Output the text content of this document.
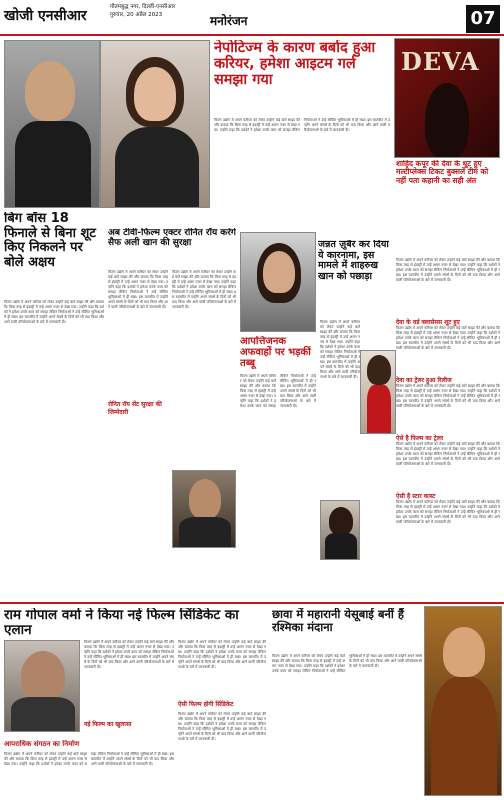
खोजी एनसीआर
गौतमबुद्ध नगर, दिल्ली-एनसीआर
गुरुवार, 20 अप्रैल 2023	मनोरंजन	07
नेपोटिज्म के कारण बर्बाद हुआ करियर, हमेशा आइटम गर्ल समझा गया
फिल्म उद्योग में अपने करियर को लेकर उन्होंने कई बातें साझा कीं और बताया कि किस तरह से इंडस्ट्री में उन्हें अलग नजर से देखा गया। उन्होंने कहा कि दर्शकों ने हमेशा उनके काम को सराहा लेकिन निर्माताओं ने उन्हें सीमित भूमिकाओं में ही रखा। इस बातचीत में उन्होंने अपने संघर्ष के दिनों को भी याद किया और आने वाली परियोजनाओं के बारे में जानकारी दी।
DEVA
शाहिद कपूर की देवा के धूट हुए मल्टीप्लेक्स टिकट बुक्सलें टीम को नहीं पता कहानी का सही अंत
फिल्म उद्योग में अपने करियर को लेकर उन्होंने कई बातें साझा कीं और बताया कि किस तरह से इंडस्ट्री में उन्हें अलग नजर से देखा गया। उन्होंने कहा कि दर्शकों ने हमेशा उनके काम को सराहा लेकिन निर्माताओं ने उन्हें सीमित भूमिकाओं में ही रखा। इस बातचीत में उन्होंने अपने संघर्ष के दिनों को भी याद किया और आने वाली परियोजनाओं के बारे में जानकारी दी।
देवा के वर्ड क्लासेमस शूट हुए
फिल्म उद्योग में अपने करियर को लेकर उन्होंने कई बातें साझा कीं और बताया कि किस तरह से इंडस्ट्री में उन्हें अलग नजर से देखा गया। उन्होंने कहा कि दर्शकों ने हमेशा उनके काम को सराहा लेकिन निर्माताओं ने उन्हें सीमित भूमिकाओं में ही रखा। इस बातचीत में उन्होंने अपने संघर्ष के दिनों को भी याद किया और आने वाली परियोजनाओं के बारे में जानकारी दी।
देवा का ट्रेलर हुआ रिलीज
फिल्म उद्योग में अपने करियर को लेकर उन्होंने कई बातें साझा कीं और बताया कि किस तरह से इंडस्ट्री में उन्हें अलग नजर से देखा गया। उन्होंने कहा कि दर्शकों ने हमेशा उनके काम को सराहा लेकिन निर्माताओं ने उन्हें सीमित भूमिकाओं में ही रखा। इस बातचीत में उन्होंने अपने संघर्ष के दिनों को भी याद किया और आने वाली परियोजनाओं के बारे में जानकारी दी।
ऐसे है फिल्म का ट्रेलर
फिल्म उद्योग में अपने करियर को लेकर उन्होंने कई बातें साझा कीं और बताया कि किस तरह से इंडस्ट्री में उन्हें अलग नजर से देखा गया। उन्होंने कहा कि दर्शकों ने हमेशा उनके काम को सराहा लेकिन निर्माताओं ने उन्हें सीमित भूमिकाओं में ही रखा। इस बातचीत में उन्होंने अपने संघर्ष के दिनों को भी याद किया और आने वाली परियोजनाओं के बारे में जानकारी दी।
ऐसी है स्टार कास्ट
फिल्म उद्योग में अपने करियर को लेकर उन्होंने कई बातें साझा कीं और बताया कि किस तरह से इंडस्ट्री में उन्हें अलग नजर से देखा गया। उन्होंने कहा कि दर्शकों ने हमेशा उनके काम को सराहा लेकिन निर्माताओं ने उन्हें सीमित भूमिकाओं में ही रखा। इस बातचीत में उन्होंने अपने संघर्ष के दिनों को भी याद किया और आने वाली परियोजनाओं के बारे में जानकारी दी।
बिग बॉस 18 फिनाले से बिना शूट किए निकलने पर बोले अक्षय
फिल्म उद्योग में अपने करियर को लेकर उन्होंने कई बातें साझा कीं और बताया कि किस तरह से इंडस्ट्री में उन्हें अलग नजर से देखा गया। उन्होंने कहा कि दर्शकों ने हमेशा उनके काम को सराहा लेकिन निर्माताओं ने उन्हें सीमित भूमिकाओं में ही रखा। इस बातचीत में उन्होंने अपने संघर्ष के दिनों को भी याद किया और आने वाली परियोजनाओं के बारे में जानकारी दी।
अब टीवी-फिल्म एक्टर रोनित रॉय करेंगे सैफ अली खान की सुरक्षा
फिल्म उद्योग में अपने करियर को लेकर उन्होंने कई बातें साझा कीं और बताया कि किस तरह से इंडस्ट्री में उन्हें अलग नजर से देखा गया। उन्होंने कहा कि दर्शकों ने हमेशा उनके काम को सराहा लेकिन निर्माताओं ने उन्हें सीमित भूमिकाओं में ही रखा। इस बातचीत में उन्होंने अपने संघर्ष के दिनों को भी याद किया और आने वाली परियोजनाओं के बारे में जानकारी दी।
रोनित रॉय सेंट सुरक्षा की जिम्मेदारी
फिल्म उद्योग में अपने करियर को लेकर उन्होंने कई बातें साझा कीं और बताया कि किस तरह से इंडस्ट्री में उन्हें अलग नजर से देखा गया। उन्होंने कहा कि दर्शकों ने हमेशा उनके काम को सराहा लेकिन निर्माताओं ने उन्हें सीमित भूमिकाओं में ही रखा। इस बातचीत में उन्होंने अपने संघर्ष के दिनों को भी याद किया और आने वाली परियोजनाओं के बारे में जानकारी दी।
जन्नत ज़ुबैर कर दिया ये कारनामा, इस मामले में शाहरुख खान को पछाड़ा
आपत्तिजनक अफवाहों पर भड़कीं तब्बू
फिल्म उद्योग में अपने करियर को लेकर उन्होंने कई बातें साझा कीं और बताया कि किस तरह से इंडस्ट्री में उन्हें अलग नजर से देखा गया। उन्होंने कहा कि दर्शकों ने हमेशा उनके काम को सराहा लेकिन निर्माताओं ने उन्हें सीमित भूमिकाओं में ही रखा। इस बातचीत में उन्होंने अपने संघर्ष के दिनों को भी याद किया और आने वाली परियोजनाओं के बारे में जानकारी दी।
फिल्म उद्योग में अपने करियर को लेकर उन्होंने कई बातें साझा कीं और बताया कि किस तरह से इंडस्ट्री में उन्हें अलग नजर से देखा गया। उन्होंने कहा कि दर्शकों ने हमेशा उनके काम को सराहा लेकिन निर्माताओं ने उन्हें सीमित भूमिकाओं में ही रखा। इस बातचीत में उन्होंने अपने संघर्ष के दिनों को भी याद किया और आने वाली परियोजनाओं के बारे में जानकारी दी।
राम गोपाल वर्मा ने किया नई फिल्म सिंडिकेट का एलान
फिल्म उद्योग में अपने करियर को लेकर उन्होंने कई बातें साझा कीं और बताया कि किस तरह से इंडस्ट्री में उन्हें अलग नजर से देखा गया। उन्होंने कहा कि दर्शकों ने हमेशा उनके काम को सराहा लेकिन निर्माताओं ने उन्हें सीमित भूमिकाओं में ही रखा। इस बातचीत में उन्होंने अपने संघर्ष के दिनों को भी याद किया और आने वाली परियोजनाओं के बारे में जानकारी दी।
नई फिल्म का खुलासा
आपराधिक संगठन का निर्माण
फिल्म उद्योग में अपने करियर को लेकर उन्होंने कई बातें साझा कीं और बताया कि किस तरह से इंडस्ट्री में उन्हें अलग नजर से देखा गया। उन्होंने कहा कि दर्शकों ने हमेशा उनके काम को सराहा लेकिन निर्माताओं ने उन्हें सीमित भूमिकाओं में ही रखा। इस बातचीत में उन्होंने अपने संघर्ष के दिनों को भी याद किया और आने वाली परियोजनाओं के बारे में जानकारी दी।
फिल्म उद्योग में अपने करियर को लेकर उन्होंने कई बातें साझा कीं और बताया कि किस तरह से इंडस्ट्री में उन्हें अलग नजर से देखा गया। उन्होंने कहा कि दर्शकों ने हमेशा उनके काम को सराहा लेकिन निर्माताओं ने उन्हें सीमित भूमिकाओं में ही रखा। इस बातचीत में उन्होंने अपने संघर्ष के दिनों को भी याद किया और आने वाली परियोजनाओं के बारे में जानकारी दी।
ऐसी फिल्म होगी सिंडिकेट
फिल्म उद्योग में अपने करियर को लेकर उन्होंने कई बातें साझा कीं और बताया कि किस तरह से इंडस्ट्री में उन्हें अलग नजर से देखा गया। उन्होंने कहा कि दर्शकों ने हमेशा उनके काम को सराहा लेकिन निर्माताओं ने उन्हें सीमित भूमिकाओं में ही रखा। इस बातचीत में उन्होंने अपने संघर्ष के दिनों को भी याद किया और आने वाली परियोजनाओं के बारे में जानकारी दी।
छावा में महारानी येसूबाई बनीं हैं रश्मिका मंदाना
फिल्म उद्योग में अपने करियर को लेकर उन्होंने कई बातें साझा कीं और बताया कि किस तरह से इंडस्ट्री में उन्हें अलग नजर से देखा गया। उन्होंने कहा कि दर्शकों ने हमेशा उनके काम को सराहा लेकिन निर्माताओं ने उन्हें सीमित भूमिकाओं में ही रखा। इस बातचीत में उन्होंने अपने संघर्ष के दिनों को भी याद किया और आने वाली परियोजनाओं के बारे में जानकारी दी।
